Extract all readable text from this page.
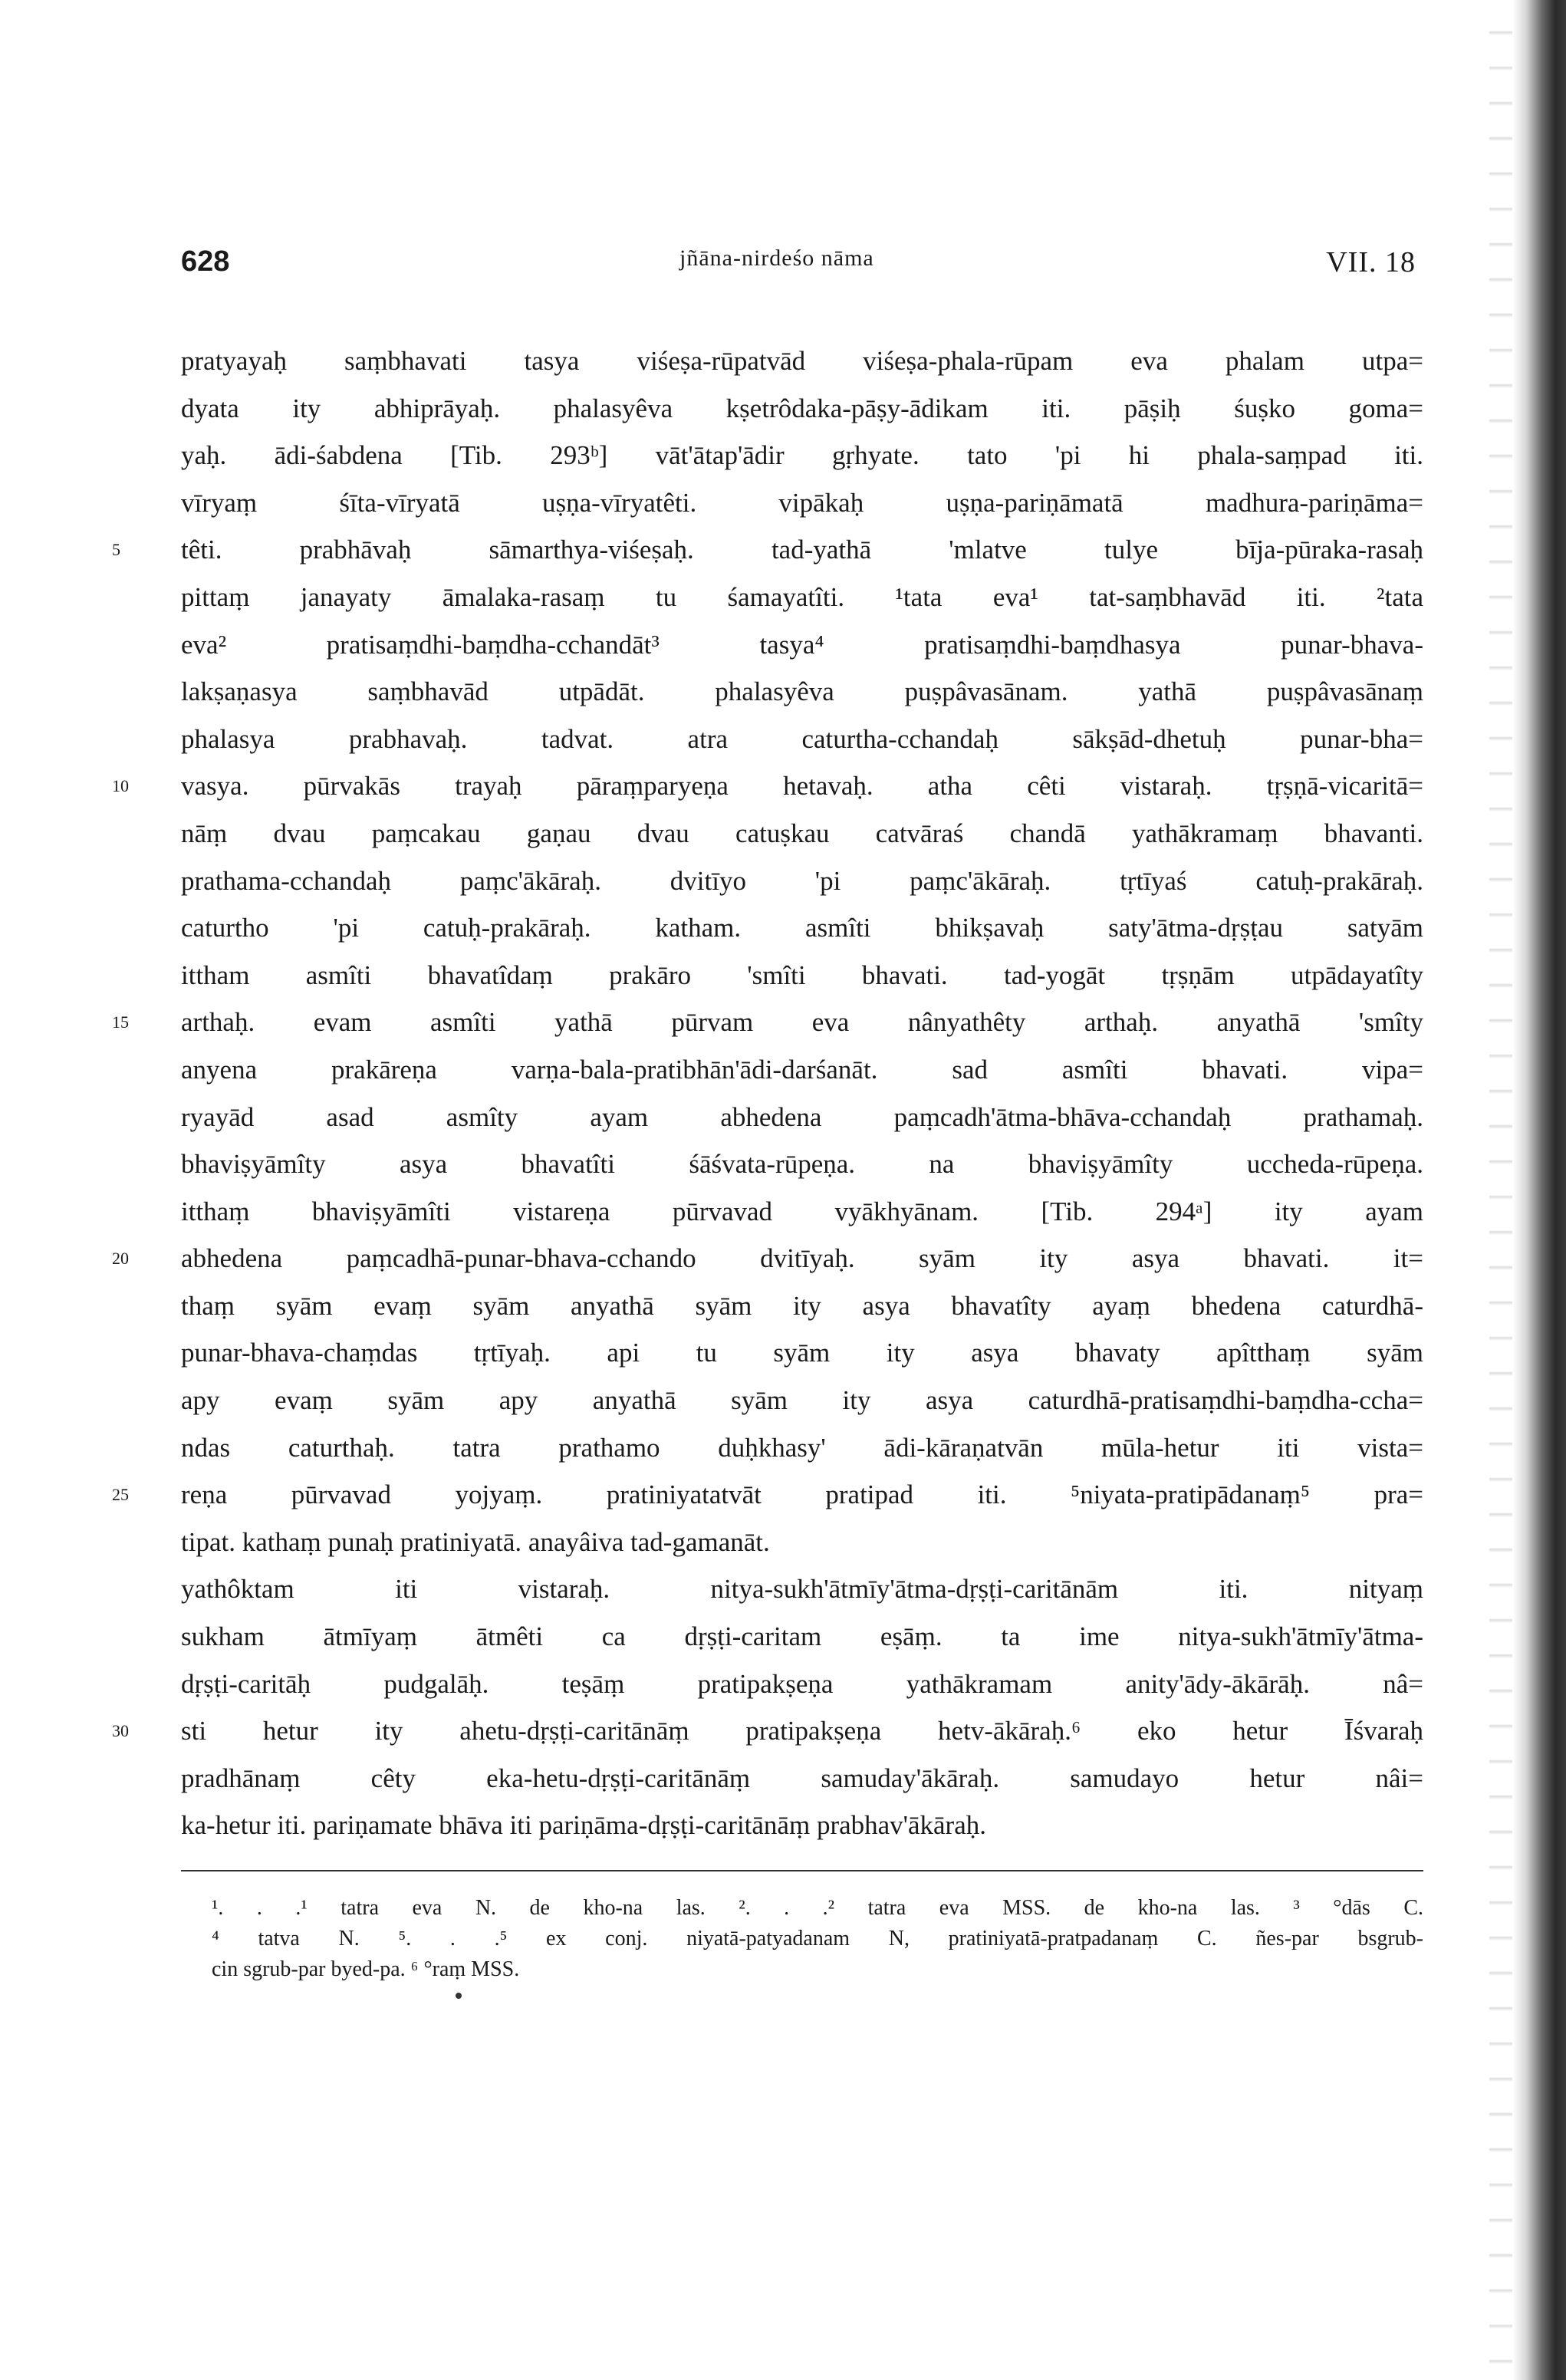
628	jñāna-nirdeśo nāma	VII. 18
pratyayaḥ saṃbhavati tasya viśeṣa-rūpatvād viśeṣa-phala-rūpam eva phalam utpa=
dyata ity abhiprāyaḥ. phalasyêva kṣetrôdaka-pāṣy-ādikam iti. pāṣiḥ śuṣko goma=
yaḥ. ādi-śabdena [Tib. 293ᵇ] vāt'ātap'ādir gṛhyate. tato 'pi hi phala-saṃpad iti.
vīryaṃ śīta-vīryatā uṣṇa-vīryatêti. vipākaḥ uṣṇa-pariṇāmatā madhura-pariṇāma=
5	têti. prabhāvaḥ sāmarthya-viśeṣaḥ. tad-yathā 'mlatve tulye bīja-pūraka-rasaḥ
pittaṃ janayaty āmalaka-rasaṃ tu śamayatîti. ¹tata eva¹ tat-saṃbhavād iti. ²tata
eva² pratisaṃdhi-baṃdha-cchandāt³ tasya⁴ pratisaṃdhi-baṃdhasya punar-bhava-
lakṣaṇasya saṃbhavād utpādāt. phalasyêva puṣpâvasānam. yathā puṣpâvasānaṃ
phalasya prabhavaḥ. tadvat. atra caturtha-cchandaḥ sākṣād-dhetuḥ punar-bha=
10	vasya. pūrvakās trayaḥ pāraṃparyeṇa hetavaḥ. atha cêti vistaraḥ. tṛṣṇā-vicaritā=
nāṃ dvau paṃcakau gaṇau dvau catuṣkau catvāraś chandā yathākramaṃ bhavanti.
prathama-cchandaḥ paṃc'ākāraḥ. dvitīyo 'pi paṃc'ākāraḥ. tṛtīyaś catuḥ-prakāraḥ.
caturtho 'pi catuḥ-prakāraḥ. katham. asmîti bhikṣavaḥ saty'ātma-dṛṣṭau satyām
ittham asmîti bhavatîdaṃ prakāro 'smîti bhavati. tad-yogāt tṛṣṇām utpādayatîty
15	arthaḥ. evam asmîti yathā pūrvam eva nânyathêty arthaḥ. anyathā 'smîty
anyena prakāreṇa varṇa-bala-pratibhān'ādi-darśanāt. sad asmîti bhavati. vipa=
ryayād asad asmîty ayam abhedena paṃcadh'ātma-bhāva-cchandaḥ prathamaḥ.
bhaviṣyāmîty asya bhavatîti śāśvata-rūpeṇa. na bhaviṣyāmîty uccheda-rūpeṇa.
itthaṃ bhaviṣyāmîti vistareṇa pūrvavad vyākhyānam. [Tib. 294ᵃ] ity ayam
20	abhedena paṃcadhā-punar-bhava-cchando dvitīyaḥ. syām ity asya bhavati. it=
thaṃ syām evaṃ syām anyathā syām ity asya bhavatîty ayaṃ bhedena caturdhā-
punar-bhava-chaṃdas tṛtīyaḥ. api tu syām ity asya bhavaty apîtthaṃ syām
apy evaṃ syām apy anyathā syām ity asya caturdhā-pratisaṃdhi-baṃdha-ccha=
ndas caturthaḥ. tatra prathamo duḥkhasy' ādi-kāraṇatvān mūla-hetur iti vista=
25	reṇa pūrvavad yojyaṃ. pratiniyatatvāt pratipad iti. ⁵niyata-pratipādanaṃ⁵ pra=
tipat. kathaṃ punaḥ pratiniyatā. anayâiva tad-gamanāt.
yathôktam iti vistaraḥ. nitya-sukh'ātmīy'ātma-dṛṣṭi-caritānām iti. nityaṃ
sukham ātmīyaṃ ātmêti ca dṛṣṭi-caritam eṣāṃ. ta ime nitya-sukh'ātmīy'ātma-
dṛṣṭi-caritāḥ pudgalāḥ. teṣāṃ pratipakṣeṇa yathākramam anity'ādy-ākārāḥ. nâ=
30	sti hetur ity ahetu-dṛṣṭi-caritānāṃ pratipakṣeṇa hetv-ākāraḥ.⁶ eko hetur Īśvaraḥ
pradhānaṃ cêty eka-hetu-dṛṣṭi-caritānāṃ samuday'ākāraḥ. samudayo hetur nâi=
ka-hetur iti. pariṇamate bhāva iti pariṇāma-dṛṣṭi-caritānāṃ prabhav'ākāraḥ.
¹. . .¹ tatra eva N. de kho-na las. ². . .² tatra eva MSS. de kho-na las. ³ °dās C.
⁴ tatva N. ⁵. . .⁵ ex conj. niyatā-patyadanam N, pratiniyatā-pratpadanaṃ C. ñes-par bsgrub-
cin sgrub-par byed-pa. ⁶ °raṃ MSS.
